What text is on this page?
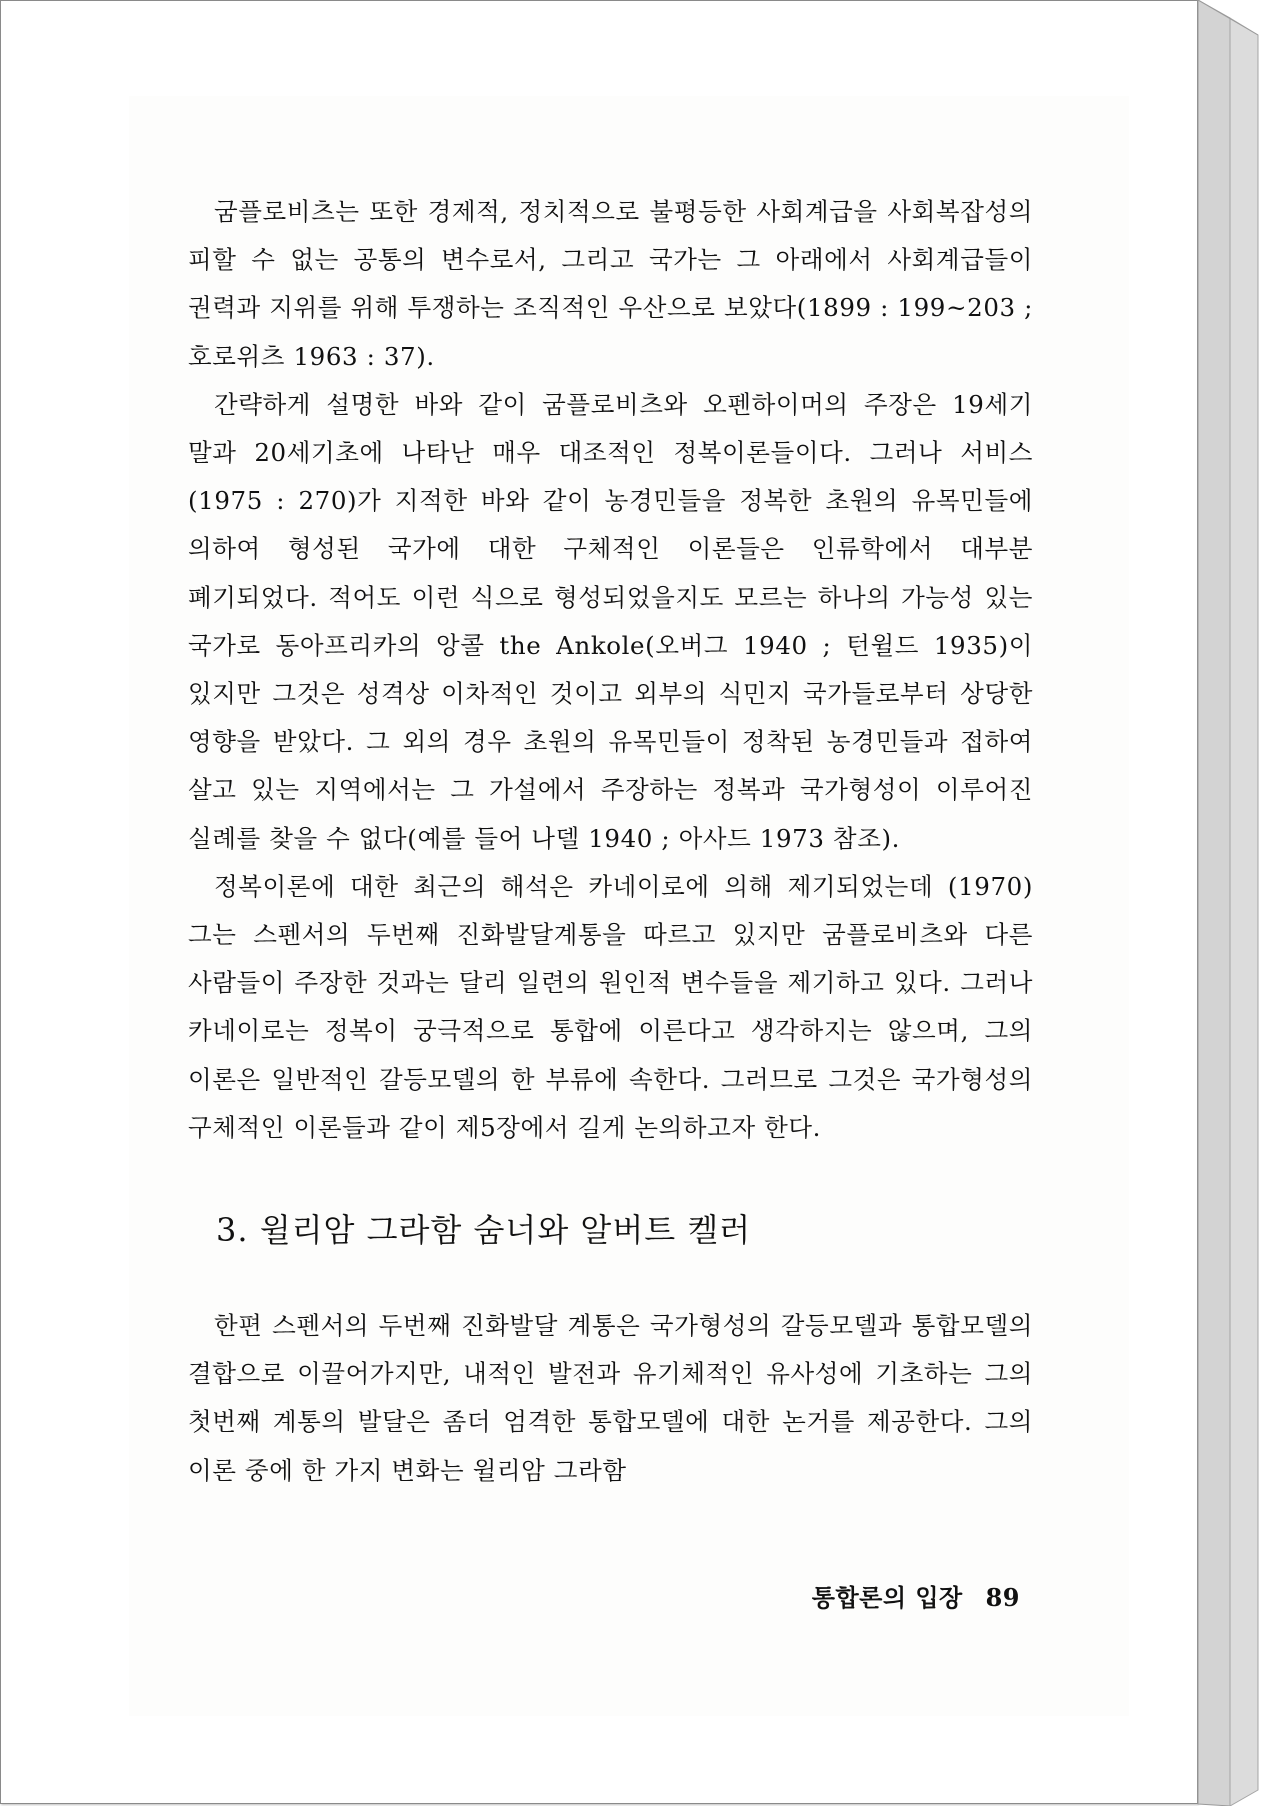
굼플로비츠는 또한 경제적, 정치적으로 불평등한 사회계급을 사회복잡성의 피할 수 없는 공통의 변수로서, 그리고 국가는 그 아래에서 사회계급들이 권력과 지위를 위해 투쟁하는 조직적인 우산으로 보았다(1899 : 199~203 ; 호로위츠 1963 : 37).

간략하게 설명한 바와 같이 굼플로비츠와 오펜하이머의 주장은 19세기 말과 20세기초에 나타난 매우 대조적인 정복이론들이다. 그러나 서비스(1975 : 270)가 지적한 바와 같이 농경민들을 정복한 초원의 유목민들에 의하여 형성된 국가에 대한 구체적인 이론들은 인류학에서 대부분 폐기되었다. 적어도 이런 식으로 형성되었을지도 모르는 하나의 가능성 있는 국가로 동아프리카의 앙콜 the Ankole(오버그 1940 ; 턴윌드 1935)이 있지만 그것은 성격상 이차적인 것이고 외부의 식민지 국가들로부터 상당한 영향을 받았다. 그 외의 경우 초원의 유목민들이 정착된 농경민들과 접하여 살고 있는 지역에서는 그 가설에서 주장하는 정복과 국가형성이 이루어진 실례를 찾을 수 없다(예를 들어 나델 1940 ; 아사드 1973 참조).

정복이론에 대한 최근의 해석은 카네이로에 의해 제기되었는데 (1970) 그는 스펜서의 두번째 진화발달계통을 따르고 있지만 굼플로비츠와 다른 사람들이 주장한 것과는 달리 일련의 원인적 변수들을 제기하고 있다. 그러나 카네이로는 정복이 궁극적으로 통합에 이른다고 생각하지는 않으며, 그의 이론은 일반적인 갈등모델의 한 부류에 속한다. 그러므로 그것은 국가형성의 구체적인 이론들과 같이 제5장에서 길게 논의하고자 한다.

3. 윌리암 그라함 숨너와 알버트 켈러

한편 스펜서의 두번째 진화발달 계통은 국가형성의 갈등모델과 통합모델의 결합으로 이끌어가지만, 내적인 발전과 유기체적인 유사성에 기초하는 그의 첫번째 계통의 발달은 좀더 엄격한 통합모델에 대한 논거를 제공한다. 그의 이론 중에 한 가지 변화는 윌리암 그라함

통합론의 입장 89
